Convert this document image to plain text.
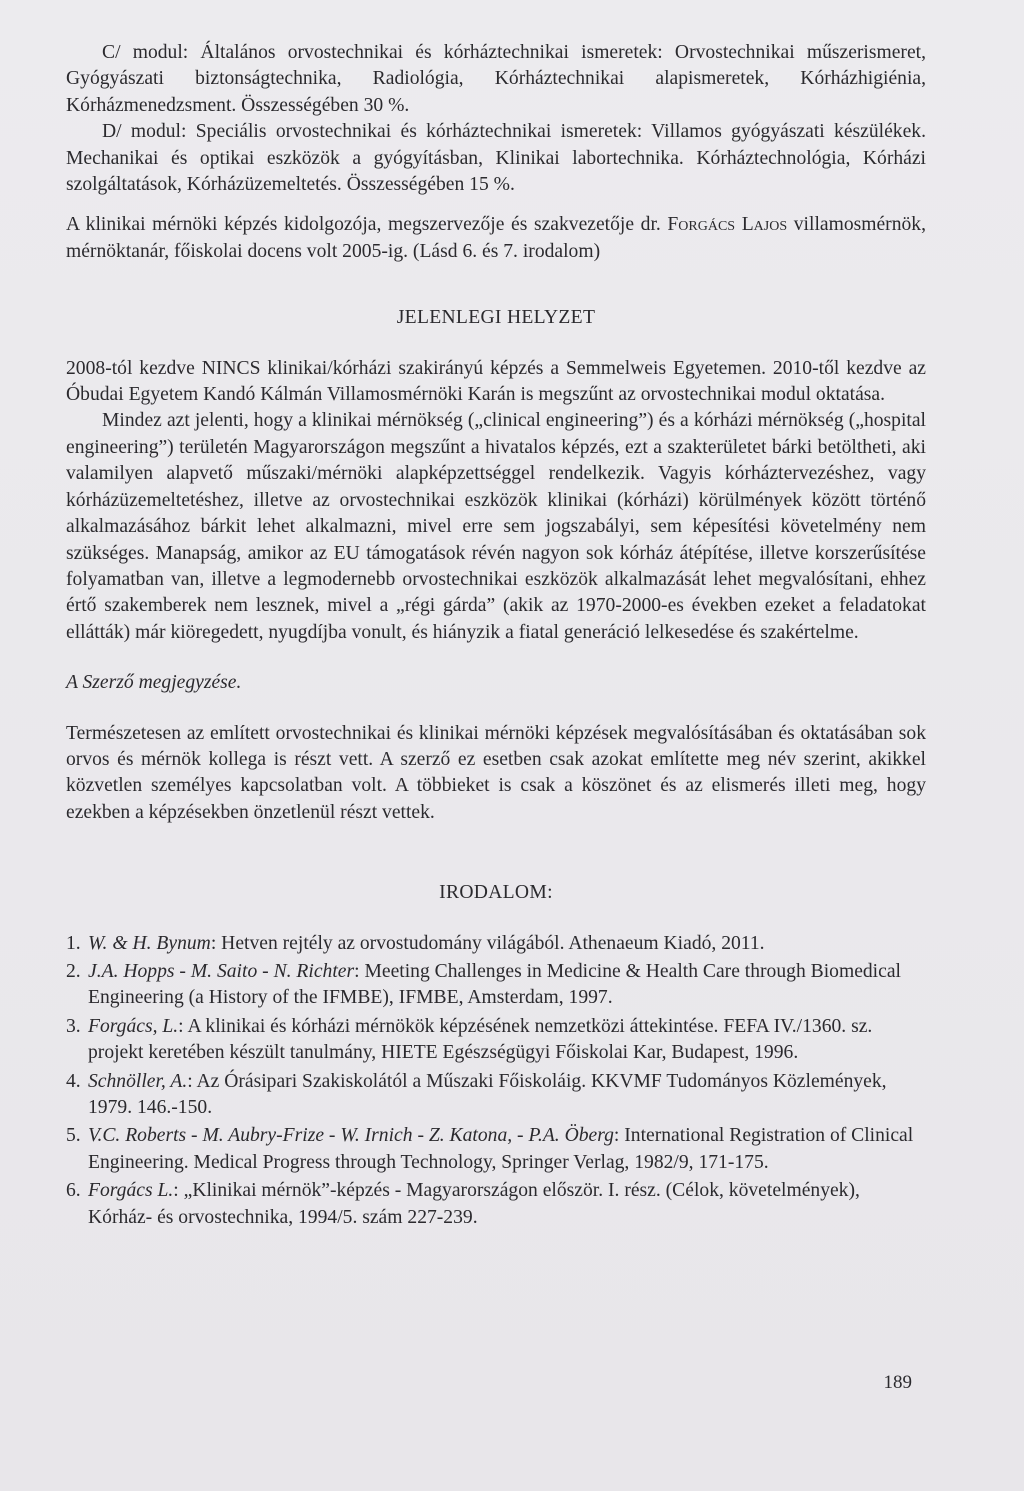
C/ modul: Általános orvostechnikai és kórháztechnikai ismeretek: Orvostechnikai műszerismeret, Gyógyászati biztonságtechnika, Radiológia, Kórháztechnikai alapismeretek, Kórházhigiénia, Kórházmenedzsment. Összességében 30 %.

D/ modul: Speciális orvostechnikai és kórháztechnikai ismeretek: Villamos gyógyászati készülékek. Mechanikai és optikai eszközök a gyógyításban, Klinikai labortechnika. Kórháztechnológia, Kórházi szolgáltatások, Kórházüzemeltetés. Összességében 15 %.

A klinikai mérnöki képzés kidolgozója, megszervezője és szakvezetője dr. Forgács Lajos villamosmérnök, mérnöktanár, főiskolai docens volt 2005-ig. (Lásd 6. és 7. irodalom)

JELENLEGI HELYZET

2008-tól kezdve NINCS klinikai/kórházi szakirányú képzés a Semmelweis Egyetemen. 2010-től kezdve az Óbudai Egyetem Kandó Kálmán Villamosmérnöki Karán is megszűnt az orvostechnikai modul oktatása.

Mindez azt jelenti, hogy a klinikai mérnökség („clinical engineering”) és a kórházi mérnökség („hospital engineering”) területén Magyarországon megszűnt a hivatalos képzés, ezt a szakterületet bárki betöltheti, aki valamilyen alapvető műszaki/mérnöki alapképzettséggel rendelkezik. Vagyis kórháztervezéshez, vagy kórházüzemeltetéshez, illetve az orvostechnikai eszközök klinikai (kórházi) körülmények között történő alkalmazásához bárkit lehet alkalmazni, mivel erre sem jogszabályi, sem képesítési követelmény nem szükséges. Manapság, amikor az EU támogatások révén nagyon sok kórház átépítése, illetve korszerűsítése folyamatban van, illetve a legmodernebb orvostechnikai eszközök alkalmazását lehet megvalósítani, ehhez értő szakemberek nem lesznek, mivel a „régi gárda” (akik az 1970-2000-es években ezeket a feladatokat ellátták) már kiöregedett, nyugdíjba vonult, és hiányzik a fiatal generáció lelkesedése és szakértelme.

A Szerző megjegyzése.

Természetesen az említett orvostechnikai és klinikai mérnöki képzések megvalósításában és oktatásában sok orvos és mérnök kollega is részt vett. A szerző ez esetben csak azokat említette meg név szerint, akikkel közvetlen személyes kapcsolatban volt. A többieket is csak a köszönet és az elismerés illeti meg, hogy ezekben a képzésekben önzetlenül részt vettek.

IRODALOM:
1. W. & H. Bynum: Hetven rejtély az orvostudomány világából. Athenaeum Kiadó, 2011.
2. J.A. Hopps - M. Saito - N. Richter: Meeting Challenges in Medicine & Health Care through Biomedical Engineering (a History of the IFMBE), IFMBE, Amsterdam, 1997.
3. Forgács, L.: A klinikai és kórházi mérnökök képzésének nemzetközi áttekintése. FEFA IV./1360. sz. projekt keretében készült tanulmány, HIETE Egészségügyi Főiskolai Kar, Budapest, 1996.
4. Schnöller, A.: Az Órásipari Szakiskolától a Műszaki Főiskoláig. KKVMF Tudományos Közlemények, 1979. 146.-150.
5. V.C. Roberts - M. Aubry-Frize - W. Irnich - Z. Katona, - P.A. Öberg: International Registration of Clinical Engineering. Medical Progress through Technology, Springer Verlag, 1982/9, 171-175.
6. Forgács L.: „Klinikai mérnök”-képzés - Magyarországon először. I. rész. (Célok, követelmények), Kórház- és orvostechnika, 1994/5. szám 227-239.
189
